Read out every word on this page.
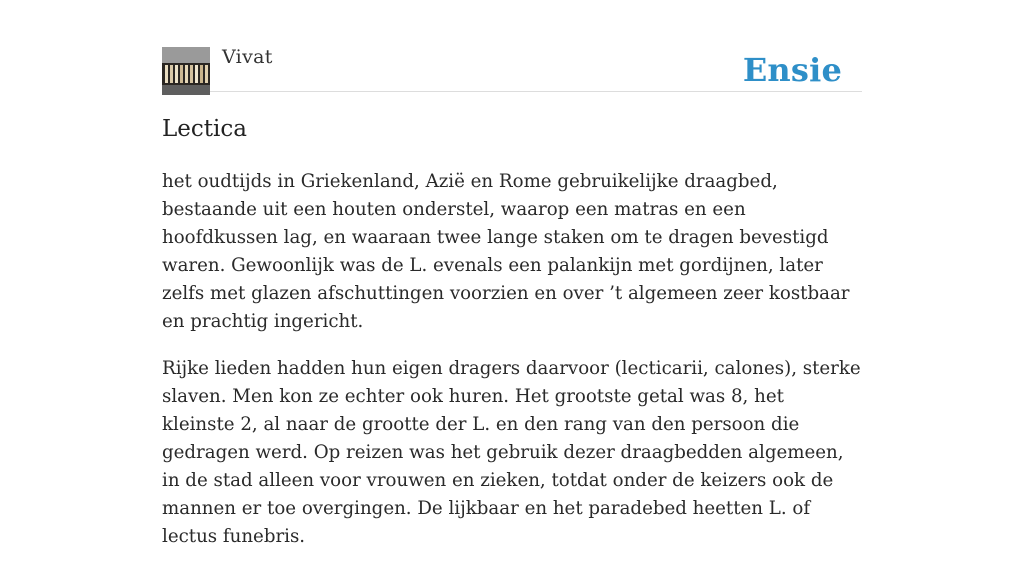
Vivat	Ensie
Lectica

het oudtijds in Griekenland, Azië en Rome gebruikelijke draagbed, bestaande uit een houten onderstel, waarop een matras en een hoofdkussen lag, en waaraan twee lange staken om te dragen bevestigd waren. Gewoonlijk was de L. evenals een palankijn met gordijnen, later zelfs met glazen afschuttingen voorzien en over ’t algemeen zeer kostbaar en prachtig ingericht.

Rijke lieden hadden hun eigen dragers daarvoor (lecticarii, calones), sterke slaven. Men kon ze echter ook huren. Het grootste getal was 8, het kleinste 2, al naar de grootte der L. en den rang van den persoon die gedragen werd. Op reizen was het gebruik dezer draagbedden algemeen, in de stad alleen voor vrouwen en zieken, totdat onder de keizers ook de mannen er toe overgingen. De lijkbaar en het paradebed heetten L. of lectus funebris.
